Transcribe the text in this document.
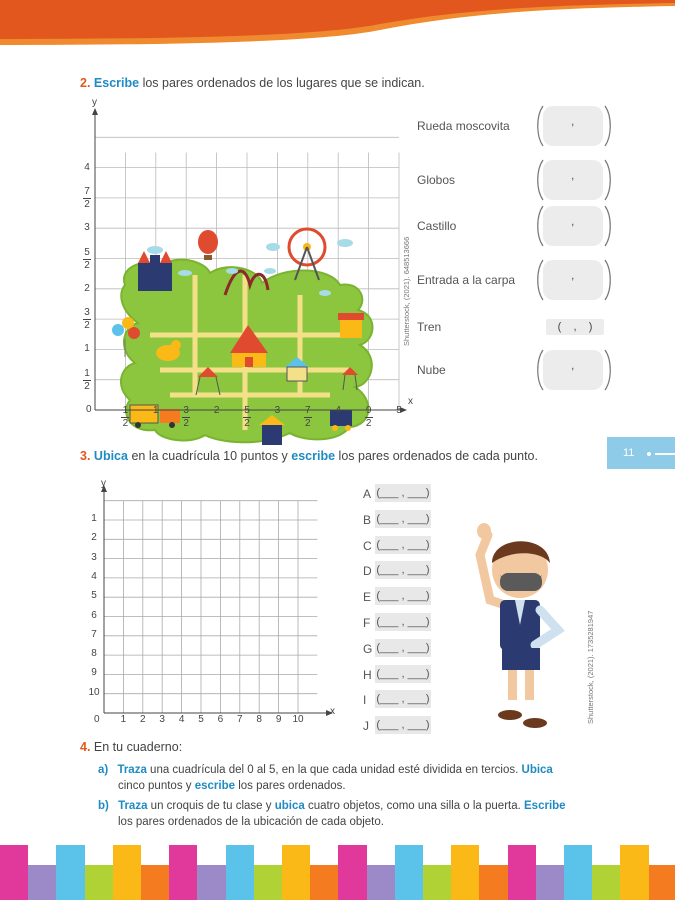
2. Escribe los pares ordenados de los lugares que se indican.
y
x
0
Shutterstock, (2021). 648513666
4
7
2
3
5
2
2
3
2
1
1
2
1
2
1	3
2
2	5
2
3	7
2
4	9
2
5
Rueda moscovita	,
Globos	,
Castillo	,
Entrada a la carpa	,
Tren	(    ,    )
Nube	,
11
3. Ubica en la cuadrícula 10 puntos y escribe los pares ordenados de cada punto.
y
x
0
1
2
3
4
5
6
7
8
9
10
1	2	3	4	5	6	7	8	9	10
A (___ , ___)
B (___ , ___)
C (___ , ___)
D (___ , ___)
E (___ , ___)
F (___ , ___)
G (___ , ___)
H (___ , ___)
I (___ , ___)
J (___ , ___)
Shutterstock, (2021). 1735281947
4. En tu cuaderno:
a) Traza una cuadrícula del 0 al 5, en la que cada unidad esté dividida en tercios. Ubica
cinco puntos y escribe los pares ordenados.
b) Traza un croquis de tu clase y ubica cuatro objetos, como una silla o la puerta. Escribe
los pares ordenados de la ubicación de cada objeto.
